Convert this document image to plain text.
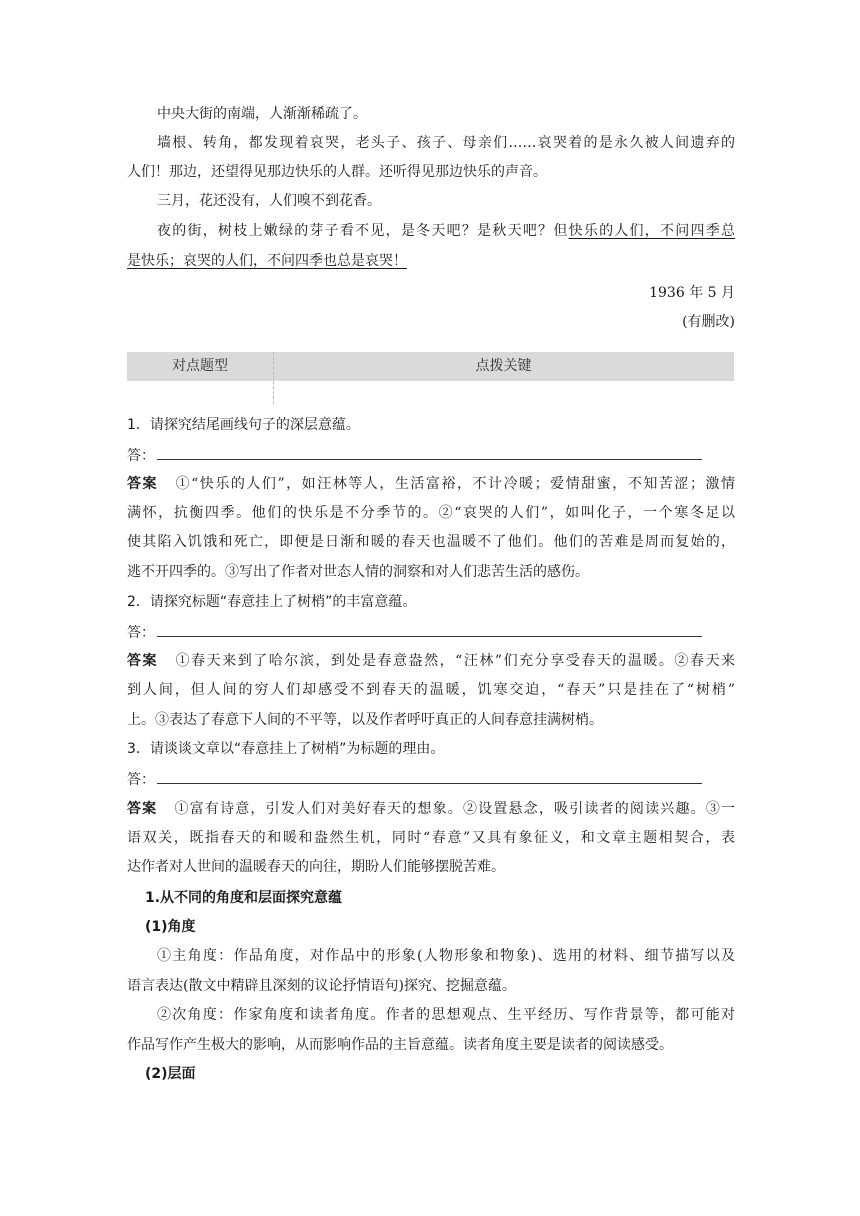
中央大街的南端，人渐渐稀疏了。
墙根、转角，都发现着哀哭，老头子、孩子、母亲们……哀哭着的是永久被人间遗弃的
人们！那边，还望得见那边快乐的人群。还听得见那边快乐的声音。
三月，花还没有，人们嗅不到花香。
夜的街，树枝上嫩绿的芽子看不见，是冬天吧？是秋天吧？但快乐的人们，不问四季总
是快乐；哀哭的人们，不问四季也总是哀哭！
1936 年 5 月
(有删改)
对点题型	点拨关键
1．请探究结尾画线句子的深层意蕴。
答：
答案 ①“快乐的人们”，如汪林等人，生活富裕，不计冷暖；爱情甜蜜，不知苦涩；激情
满怀，抗衡四季。他们的快乐是不分季节的。②“哀哭的人们”，如叫化子，一个寒冬足以
使其陷入饥饿和死亡，即便是日渐和暖的春天也温暖不了他们。他们的苦难是周而复始的，
逃不开四季的。③写出了作者对世态人情的洞察和对人们悲苦生活的感伤。
2．请探究标题“春意挂上了树梢”的丰富意蕴。
答：
答案 ①春天来到了哈尔滨，到处是春意盎然，“汪林”们充分享受春天的温暖。②春天来
到人间，但人间的穷人们却感受不到春天的温暖，饥寒交迫，“春天”只是挂在了“树梢”
上。③表达了春意下人间的不平等，以及作者呼吁真正的人间春意挂满树梢。
3．请谈谈文章以“春意挂上了树梢”为标题的理由。
答：
答案 ①富有诗意，引发人们对美好春天的想象。②设置悬念，吸引读者的阅读兴趣。③一
语双关，既指春天的和暖和盎然生机，同时“春意”又具有象征义，和文章主题相契合，表
达作者对人世间的温暖春天的向往，期盼人们能够摆脱苦难。
1.从不同的角度和层面探究意蕴
(1)角度
①主角度：作品角度，对作品中的形象(人物形象和物象)、选用的材料、细节描写以及
语言表达(散文中精辟且深刻的议论抒情语句)探究、挖掘意蕴。
②次角度：作家角度和读者角度。作者的思想观点、生平经历、写作背景等，都可能对
作品写作产生极大的影响，从而影响作品的主旨意蕴。读者角度主要是读者的阅读感受。
(2)层面
